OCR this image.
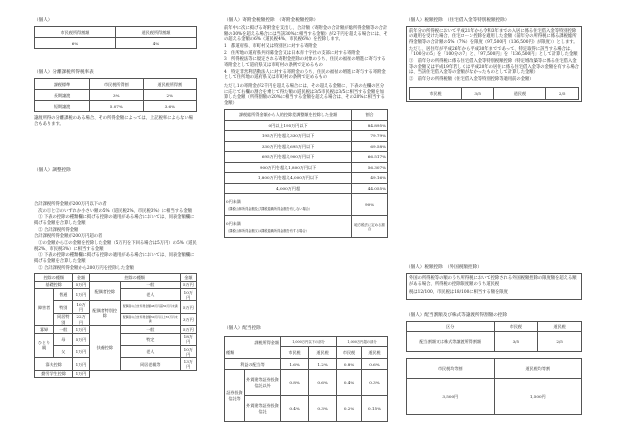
（個人）
市民税所得割額	道民税所得割額
6%	4%
（個人）分離課税所得税率表
課税標準	市民税所得割	道民税所得割
長期譲渡	3%	2%
短期譲渡	5.07%	3.6%
譲渡所得の分離課税のある場合、その所得金額によっては、上記税率によらない場合もあります。
（個人）調整控除
合計課税所得金額が200万円以下の者
　次の①と②のいずれか小さい額の5%（道民税2%、市民税3%）に相当する金額
　① 下表の控除の種類欄に掲げる控除の適用がある場合においては、同表金額欄に掲げる金額を合算した金額
　② 合計課税所得金額
合計課税所得金額が200万円超の者
　①の金額から②の金額を控除した金額（5万円を下回る場合は5万円）の5%（道民税2%、市民税3%）に相当する金額
　① 下表の控除の種類欄に掲げる控除の適用がある場合においては、同表金額欄に掲げる金額を合算した金額
　② 合計課税所得金額から200万円を控除した金額
控除の種類		金額	控除の種類		金額
基礎控除		5万円	配偶者控除	一般	5万円
障害者	普通	1万円		老人	10万円
	特別	10万円	配偶者特別控除	配偶者の合計所得金額48万円超50万円未満	5万円
	同居特別	22万円		配偶者の合計所得金額50万円以上55万円未満	3万円
寡婦	一般	1万円	扶養控除	一般	5万円
ひとり親	母	5万円		特定	18万円
	父	1万円		老人	10万円
寡夫控除		1万円		同居老親等	13万円
勤労学生控除		1万円			
（個人）寄附金税額控除　（寄附金税額控除）
前年中に次に掲げる寄附金を支出し、合計額（寄附金の合計額が総所得金額等の合計額の30%を超える場合には当該30%に相当する金額）が2千円を超える場合には、その超える金額の6%（道民税4%、市民税6%）を控除します。
1　都道府県、市町村又は特別区に対する寄附金
2　住所地の道府県共同募金会又は日本赤十字社の支部に対する寄附金
3　所得税法等に規定される寄附金控除の対象のうち、住民の福祉の増進に寄与する寄附金として道府県又は市町村の条例で定めるもの
4　特定非営利活動法人に対する寄附金のうち、住民の福祉の増進に寄与する寄附金として住所地の道府県又は市町村の条例で定めるもの
ただし1の寄附金が2千円を超える場合には、その超える金額に、下表の左欄の区分に応じて右欄の割合を乗じて得た額の道民税は3/5市民税は3/5に相当する金額を加算した金額（所得割額の20%に相当する金額を超える場合は、その20%に相当する金額）
課税総所得金額から人的控除差調整額を控除した金額	割合
0円以上195万円以下	84.895%
195万円を超え330万円以下	79.79%
330万円を超え695万円以下	69.58%
695万円を超え900万円以下	66.517%
900万円を超え1,800万円以下	56.307%
1,800万円を超え4,000万円以下	49.16%
4,000万円超	44.055%

0円未満
（課税山林所得金額及び課税退職所得金額を有しない場合）	90%

0円未満
（課税山林所得金額又は課税退職所得金額を有する場合）	地方税法に定める割合
（個人）配当控除
課税所得金額
種類		1,000万円以下の部分		1,000万円超の部分	
		市民税	道民税	市民税	道民税
利益の配当等		1.6%	1.2%	0.8%	0.6%
証券投資信託等	外貨建等証券投資信託以外	0.8%	0.6%	0.4%	0.3%
	外貨建等証券投資信託	0.4%	0.3%	0.2%	0.15%
（個人）税額控除　（住宅借入金等特別税額控除）
前年分の所得税において平成21年から令和3年までの入居に係る住宅借入金等特別控除の適用を受けた場合、住宅ローン控除を適用した金額（前年分の所得税に係る課税総所得金額等の合計額の5%（7%）を限度（97,500円（136,500円）が限度））とします。
ただし、居住年が平成26年から平成30年までであって、特定取得に該当する場合は、「100分の5」を「100分の7」と、「97,500円」を「136,500円」として計算した金額
①　前年分の所得税に係る住宅借入金等特別税額控除（特定増改築等に係る住宅借入金等の金額又は平成19年若しくは平成20年の居住に係る住宅借入金等の金額を有する場合は、当該住宅借入金等の金額がなかったものとして計算した金額）
②　前年分の所得税額（住宅借入金等特別控除等適用前の金額）
市民税	3/5	道民税	2/5
（個人）税額控除　（外国税額控除）
外国の所得税等の額のうち所得税において控除される外国税額控除の限度額を超える額がある場合、所得税の控除限度額のうち道民税
税は12/100、市民税は18/100に相当する額を限度
（個人）配当割額及び株式等譲渡所得割額の控除
区分	市民税	道民税
配当割額又は株式等譲渡所得割額	3/5	2/5
市民税均等割	道民税均等割
3,500円	1,500円
